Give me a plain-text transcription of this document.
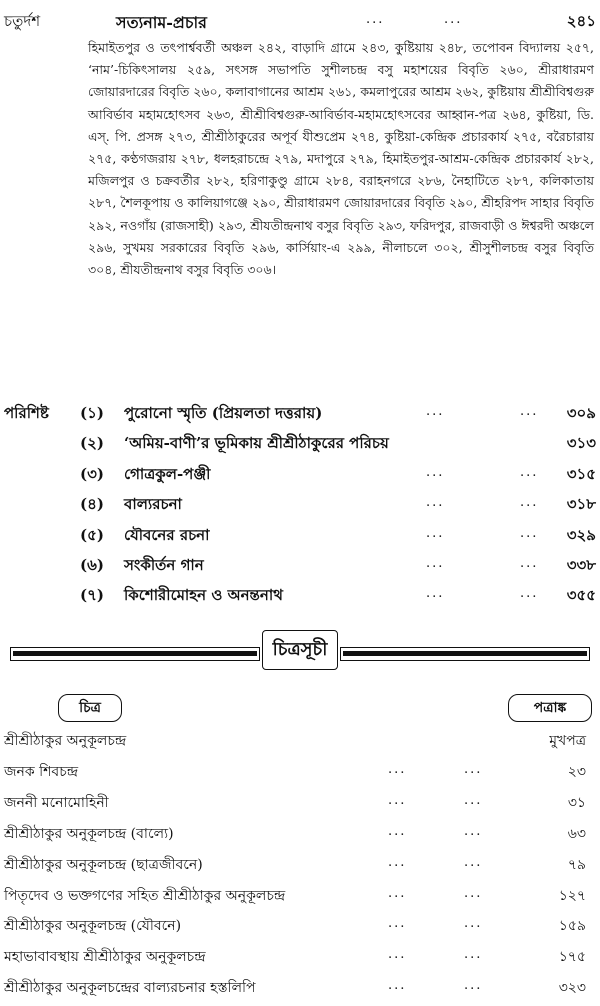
চতুর্দশ	সত্যনাম-প্রচার	...	...	২৪১
হিমাইতপুর ও তৎপার্শ্ববর্তী অঞ্চল ২৪২, বাড়াদি গ্রামে ২৪৩, কুষ্টিয়ায় ২৪৮, তপোবন বিদ্যালয় ২৫৭, ‘নাম’-চিকিৎসালয় ২৫৯, সৎসঙ্গ সভাপতি সুশীলচন্দ্র বসু মহাশয়ের বিবৃতি ২৬০, শ্রীরাধারমণ জোয়ারদারের বিবৃতি ২৬০, কলাবাগানের আশ্রম ২৬১, কমলাপুরের আশ্রম ২৬২, কুষ্টিয়ায় শ্রীশ্রীবিশ্বগুরু আবির্ভাব মহামহোৎসব ২৬৩, শ্রীশ্রীবিশ্বগুরু-আবির্ভাব-মহামহোৎসবের আহ্বান-পত্র ২৬৪, কুষ্টিয়া, ডি. এস্. পি. প্রসঙ্গ ২৭৩, শ্রীশ্রীঠাকুরের অপূর্ব যীশুপ্রেম ২৭৪, কুষ্টিয়া-কেন্দ্রিক প্রচারকার্য ২৭৫, বরৈচারায় ২৭৫, কণ্ঠগজরায় ২৭৮, ধলহরাচন্দ্রে ২৭৯, মদাপুরে ২৭৯, হিমাইতপুর-আশ্রম-কেন্দ্রিক প্রচারকার্য ২৮২, মজিলপুর ও চক্রবর্তীর ২৮২, হরিণাকুণ্ডু গ্রামে ২৮৪, বরাহনগরে ২৮৬, নৈহাটিতে ২৮৭, কলিকাতায় ২৮৭, শৈলকূপায় ও কালিয়াগঞ্জে ২৯০, শ্রীরাধারমণ জোয়ারদারের বিবৃতি ২৯০, শ্রীহরিপদ সাহার বিবৃতি ২৯২, নওগাঁয় (রাজসাহী) ২৯৩, শ্রীযতীন্দ্রনাথ বসুর বিবৃতি ২৯৩, ফরিদপুর, রাজবাড়ী ও ঈশ্বরদী অঞ্চলে ২৯৬, সুখময় সরকারের বিবৃতি ২৯৬, কার্সিয়াং-এ ২৯৯, নীলাচলে ৩০২, শ্রীসুশীলচন্দ্র বসুর বিবৃতি ৩০৪, শ্রীযতীন্দ্রনাথ বসুর বিবৃতি ৩০৬।
পরিশিষ্ট (১) পুরোনো স্মৃতি (প্রিয়লতা দত্তরায়)	...	... ৩০৯
(২) ‘অমিয়-বাণী’র ভূমিকায় শ্রীশ্রীঠাকুরের পরিচয়	৩১৩
(৩) গোত্রকুল-পঞ্জী	...	... ৩১৫
(৪) বাল্যরচনা	...	... ৩১৮
(৫) যৌবনের রচনা	...	... ৩২৯
(৬) সংকীর্তন গান	...	... ৩৩৮
(৭) কিশোরীমোহন ও অনন্তনাথ	...	... ৩৫৫
চিত্রসূচী
চিত্র	পত্রাঙ্ক
শ্রীশ্রীঠাকুর অনুকূলচন্দ্র	মুখপত্র
জনক শিবচন্দ্র	...	...	২৩
জননী মনোমোহিনী	...	...	৩১
শ্রীশ্রীঠাকুর অনুকূলচন্দ্র (বাল্যে)	...	...	৬৩
শ্রীশ্রীঠাকুর অনুকূলচন্দ্র (ছাত্রজীবনে)	...	...	৭৯
পিতৃদেব ও ভক্তগণের সহিত শ্রীশ্রীঠাকুর অনুকূলচন্দ্র	...	...	১২৭
শ্রীশ্রীঠাকুর অনুকূলচন্দ্র (যৌবনে)	...	...	১৫৯
মহাভাবাবস্থায় শ্রীশ্রীঠাকুর অনুকূলচন্দ্র	...	...	১৭৫
শ্রীশ্রীঠাকুর অনুকূলচন্দ্রের বাল্যরচনার হস্তলিপি	...	...	৩২৩
